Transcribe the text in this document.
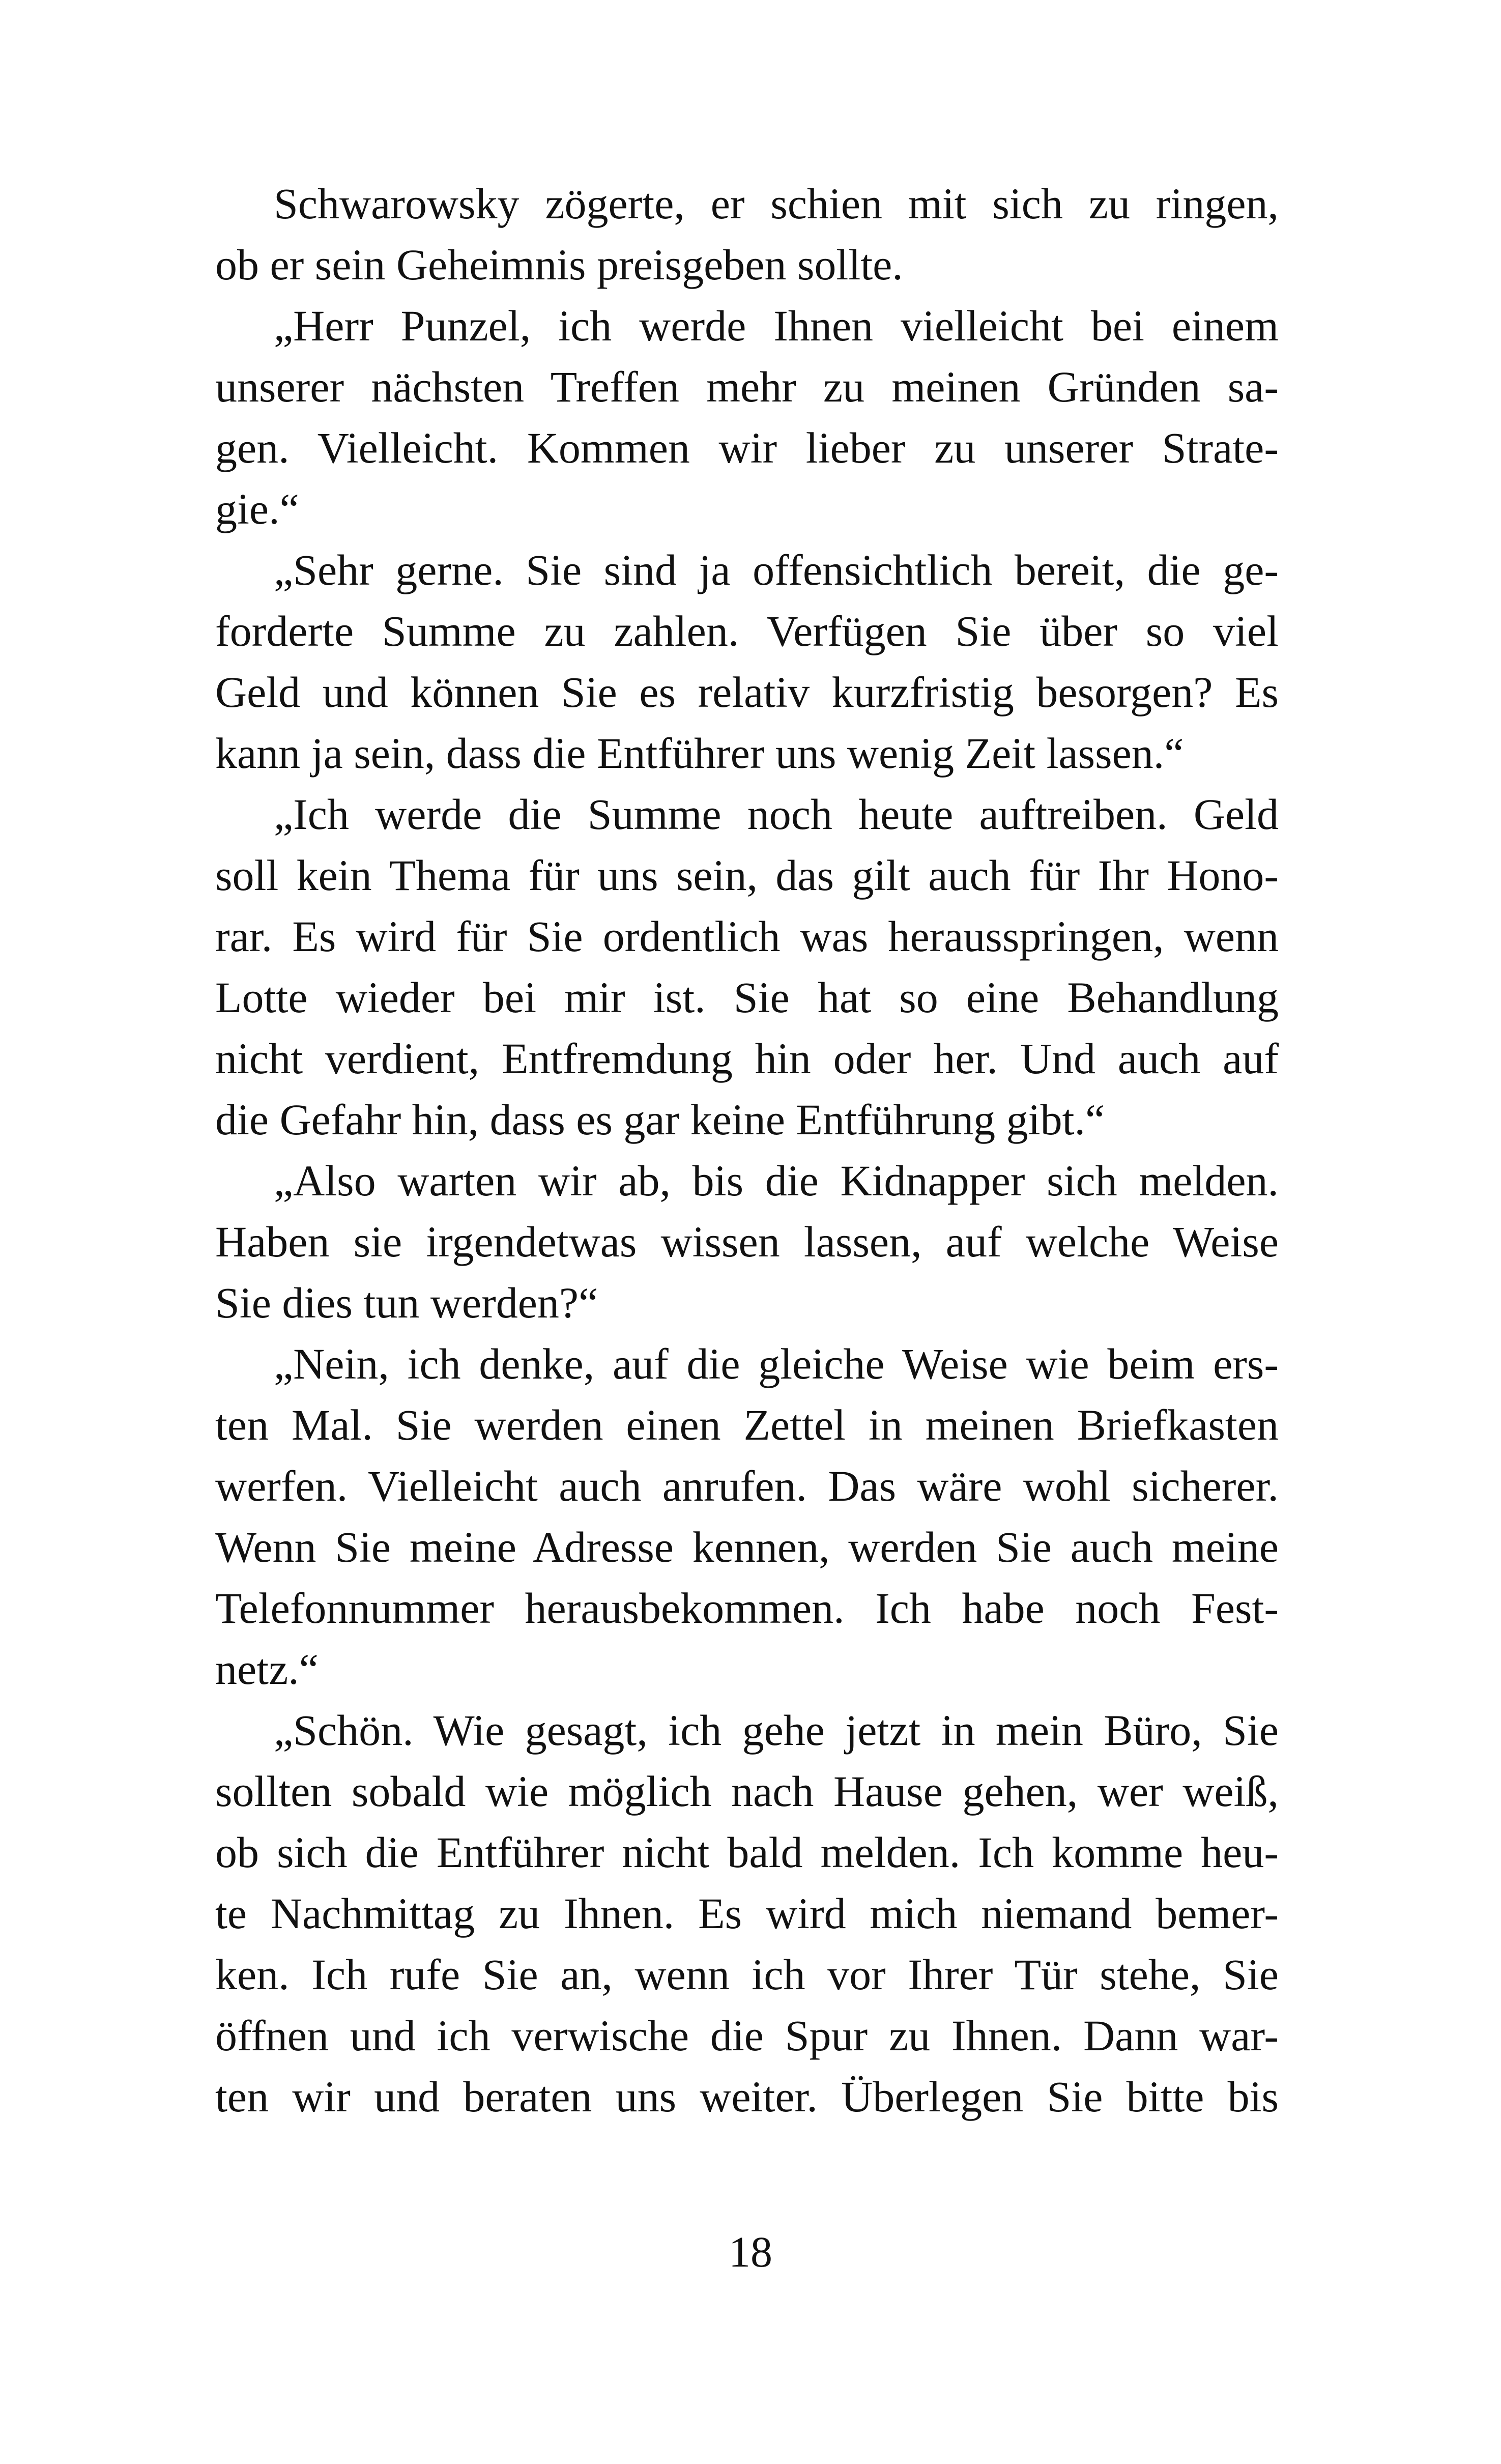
Schwarowsky zögerte, er schien mit sich zu ringen,
ob er sein Geheimnis preisgeben sollte.
„Herr Punzel, ich werde Ihnen vielleicht bei einem
unserer nächsten Treffen mehr zu meinen Gründen sa-
gen. Vielleicht. Kommen wir lieber zu unserer Strate-
gie.“
„Sehr gerne. Sie sind ja offensichtlich bereit, die ge-
forderte Summe zu zahlen. Verfügen Sie über so viel
Geld und können Sie es relativ kurzfristig besorgen? Es
kann ja sein, dass die Entführer uns wenig Zeit lassen.“
„Ich werde die Summe noch heute auftreiben. Geld
soll kein Thema für uns sein, das gilt auch für Ihr Hono-
rar. Es wird für Sie ordentlich was herausspringen, wenn
Lotte wieder bei mir ist. Sie hat so eine Behandlung
nicht verdient, Entfremdung hin oder her. Und auch auf
die Gefahr hin, dass es gar keine Entführung gibt.“
„Also warten wir ab, bis die Kidnapper sich melden.
Haben sie irgendetwas wissen lassen, auf welche Weise
Sie dies tun werden?“
„Nein, ich denke, auf die gleiche Weise wie beim ers-
ten Mal. Sie werden einen Zettel in meinen Briefkasten
werfen. Vielleicht auch anrufen. Das wäre wohl sicherer.
Wenn Sie meine Adresse kennen, werden Sie auch meine
Telefonnummer herausbekommen. Ich habe noch Fest-
netz.“
„Schön. Wie gesagt, ich gehe jetzt in mein Büro, Sie
sollten sobald wie möglich nach Hause gehen, wer weiß,
ob sich die Entführer nicht bald melden. Ich komme heu-
te Nachmittag zu Ihnen. Es wird mich niemand bemer-
ken. Ich rufe Sie an, wenn ich vor Ihrer Tür stehe, Sie
öffnen und ich verwische die Spur zu Ihnen. Dann war-
ten wir und beraten uns weiter. Überlegen Sie bitte bis
18
